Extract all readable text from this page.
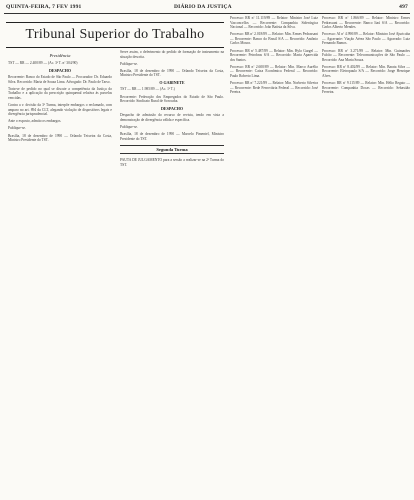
QUINTA-FEIRA, 7 FEV 1991	DIÁRIO DA JUSTIÇA	497
Tribunal Superior do Trabalho
Presidência

TST — RR — 2.400/89 — (Ac. 3ª T. nº 304/90)

DESPACHO

Recorrente: Banco do Estado de São Paulo — Procurador: Dr. Eduardo Silva. Recorrido: Maria de Souza Lima. Advogado: Dr. Paulo de Tarso.

Trata-se de pedido no qual se discute a competência da Justiça do Trabalho e a aplicação da prescrição quinquenal relativa às parcelas vencidas.

Contra a v. decisão da 3ª Turma, interpõe embargos o reclamado, com amparo no art. 894 da CLT, alegando violação de dispositivos legais e divergência jurisprudencial.

Ante o exposto, admito os embargos.

Publique-se.

Brasília, 18 de dezembro de 1990 — Orlando Teixeira da Costa, Ministro Presidente do TST.

Serve assim, o deferimento do pedido de formação de instrumento na situação descrita.

Publique-se.

Brasília, 18 de dezembro de 1990 — Orlando Teixeira da Costa, Ministro Presidente do TST.

O GABINETE

TST — RR — 1.985/89 — (Ac. 1ª T.)

Recorrente: Federação dos Empregados do Estado de São Paulo. Recorrido: Sindicato Rural de Sorocaba.

DESPACHO

Despacho de admissão do recurso de revista, tendo em vista a demonstração de divergência válida e específica.

Publique-se.

Brasília, 18 de dezembro de 1990 — Marcelo Pimentel, Ministro Presidente do TST.

Segunda Turma

PAUTA DE JULGAMENTO para a sessão a realizar-se na 2ª Turma do TST.

Processo: RR nº 11.119/89 — Relator: Ministro José Luiz Vasconcellos — Recorrente: Companhia Siderúrgica Nacional — Recorrido: João Batista da Silva.

Processo: RR nº 2.018/89 — Relator: Min. Ermes Pedrassani — Recorrente: Banco do Brasil S/A — Recorrido: Antônio Carlos Moura.

Processo: RR nº 5.487/89 — Relator: Min. Hylo Gurgel — Recorrente: Petrobras S/A — Recorrido: Maria Aparecida dos Santos.

Processo: RR nº 2.600/89 — Relator: Min. Marco Aurélio — Recorrente: Caixa Econômica Federal — Recorrido: Paulo Roberto Lima.

Processo: RR nº 7.221/89 — Relator: Min. Norberto Silveira — Recorrente: Rede Ferroviária Federal — Recorrido: José Pereira.

Processo: RR nº 1.866/89 — Relator: Ministro Ermes Pedrassani — Recorrente: Banco Itaú S/A — Recorrido: Carlos Alberto Mendes.

Processo: AI nº 4.990/89 — Relator: Ministro José Ajuricaba — Agravante: Viação Aérea São Paulo — Agravado: Luiz Fernando Ramos.

Processo: RR nº 3.271/89 — Relator: Min. Guimarães Falcão — Recorrente: Telecomunicações de São Paulo — Recorrido: Ana Maria Souza.

Processo: RR nº 8.402/89 — Relator: Min. Barata Silva — Recorrente: Eletropaulo S/A — Recorrido: Jorge Henrique Alves.

Processo: RR nº 9.115/89 — Relator: Min. Hélio Regato — Recorrente: Companhia Docas — Recorrido: Sebastião Ferreira.
